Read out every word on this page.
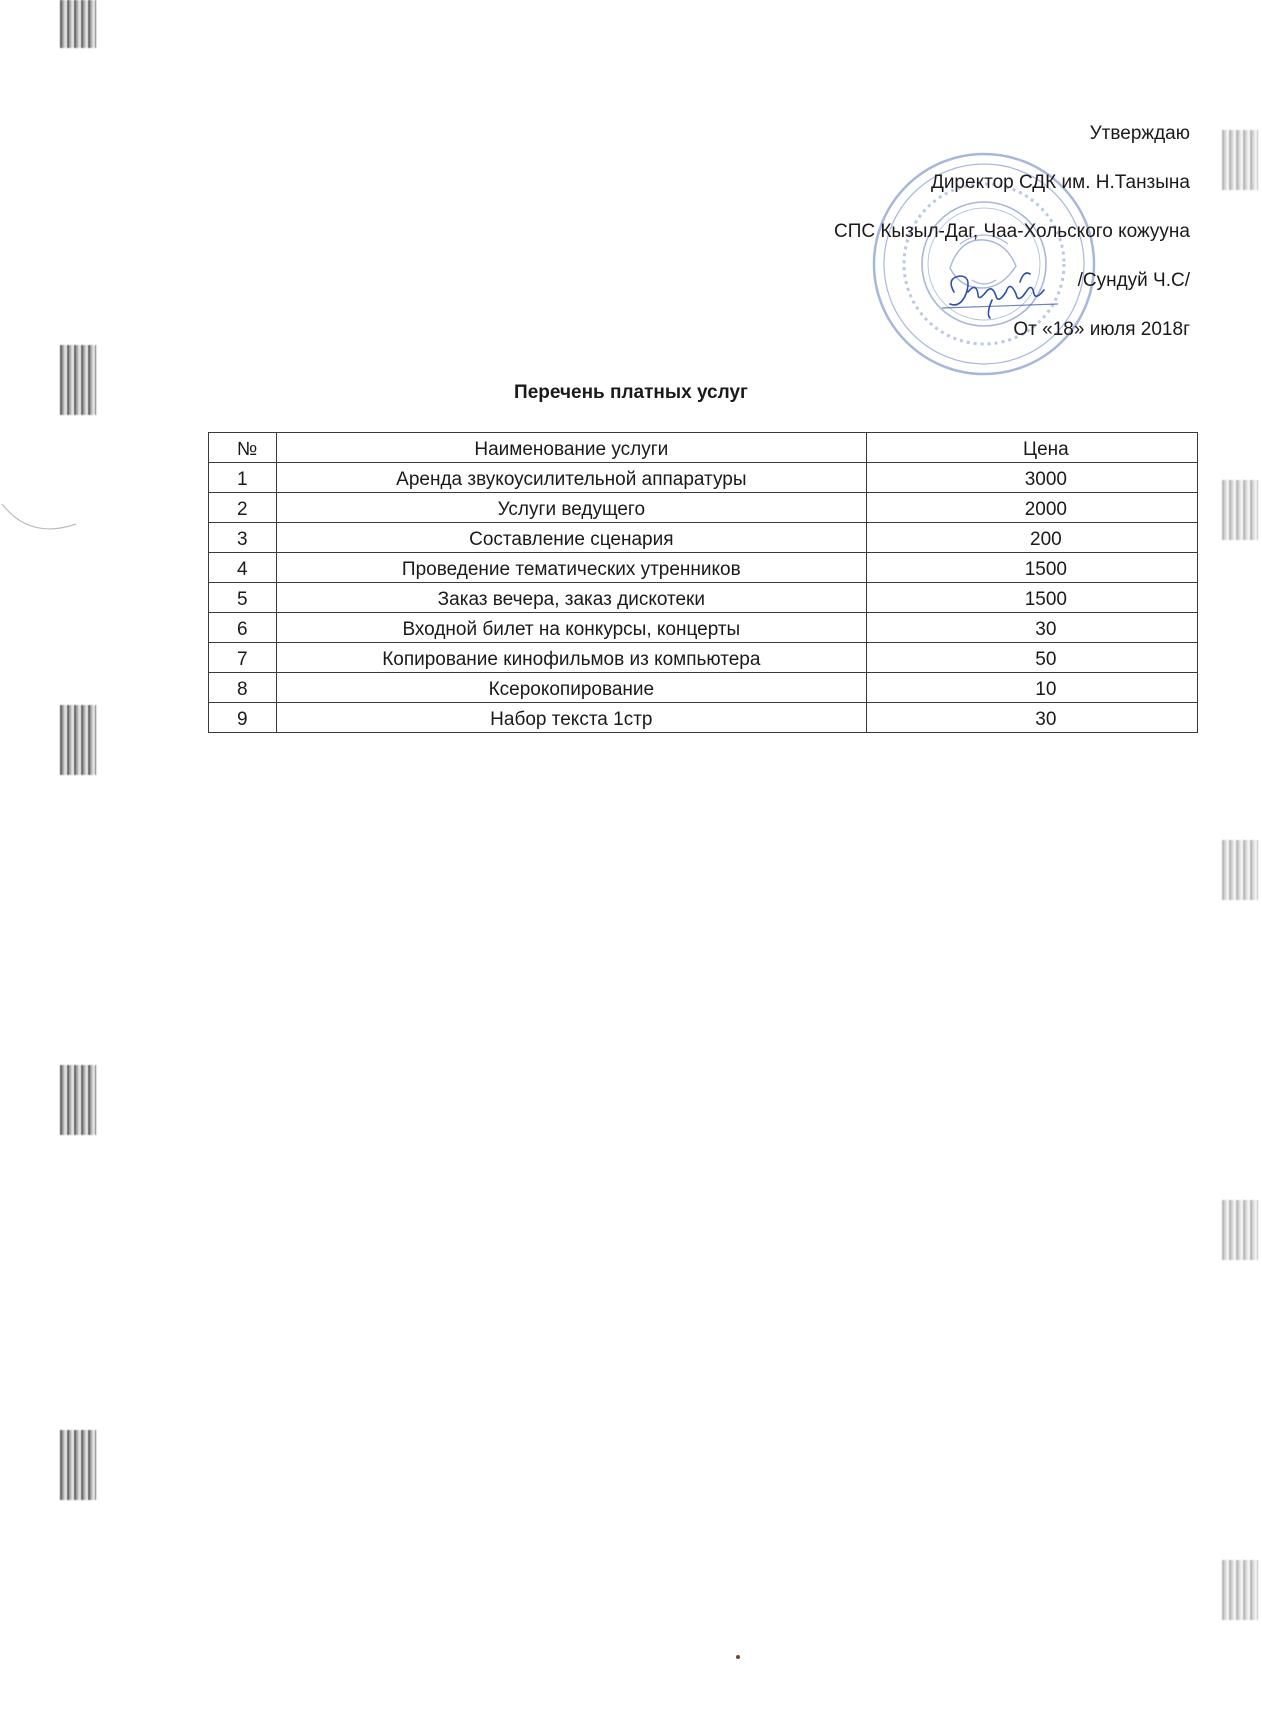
Утверждаю
Директор СДК им. Н.Танзына
СПС Кызыл-Даг, Чаа-Хольского кожууна
/Сундуй Ч.С/
От «18» июля 2018г
Перечень платных услуг
№	Наименование услуги	Цена
1	Аренда звукоусилительной аппаратуры	3000
2	Услуги ведущего	2000
3	Составление сценария	200
4	Проведение тематических утренников	1500
5	Заказ вечера, заказ дискотеки	1500
6	Входной билет на конкурсы, концерты	30
7	Копирование кинофильмов из компьютера	50
8	Ксерокопирование	10
9	Набор текста 1стр	30
